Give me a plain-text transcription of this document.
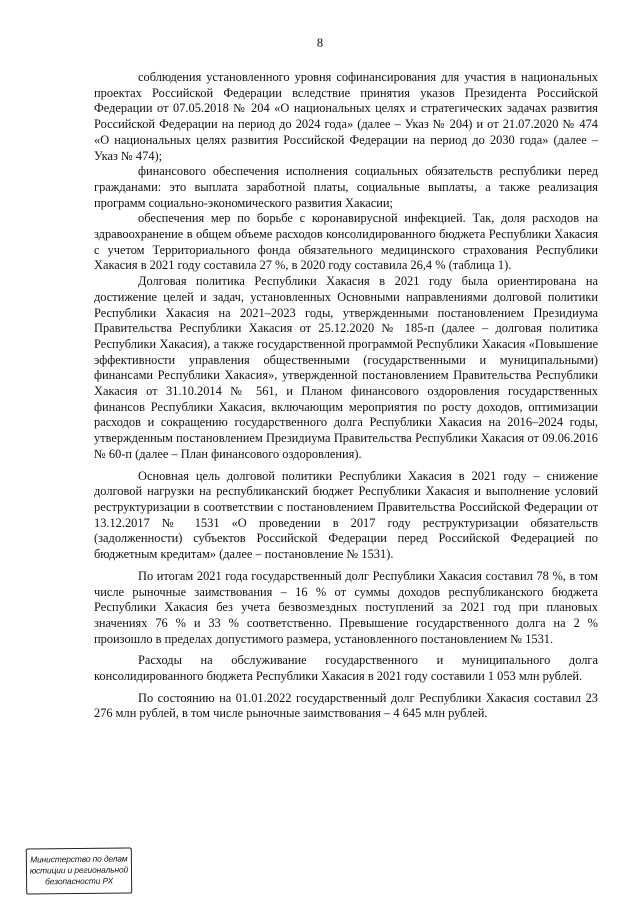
8

соблюдения установленного уровня софинансирования для участия в национальных проектах Российской Федерации вследствие принятия указов Президента Российской Федерации от 07.05.2018 № 204 «О национальных целях и стратегических задачах развития Российской Федерации на период до 2024 года» (далее – Указ № 204) и от 21.07.2020 № 474 «О национальных целях развития Российской Федерации на период до 2030 года» (далее – Указ № 474);

финансового обеспечения исполнения социальных обязательств республики перед гражданами: это выплата заработной платы, социальные выплаты, а также реализация программ социально-экономического развития Хакасии;

обеспечения мер по борьбе с коронавирусной инфекцией. Так, доля расходов на здравоохранение в общем объеме расходов консолидированного бюджета Республики Хакасия с учетом Территориального фонда обязательного медицинского страхования Республики Хакасия в 2021 году составила 27 %, в 2020 году составила 26,4 % (таблица 1).

Долговая политика Республики Хакасия в 2021 году была ориентирована на достижение целей и задач, установленных Основными направлениями долговой политики Республики Хакасия на 2021–2023 годы, утвержденными постановлением Президиума Правительства Республики Хакасия от 25.12.2020 № 185-п (далее – долговая политика Республики Хакасия), а также государственной программой Республики Хакасия «Повышение эффективности управления общественными (государственными и муниципальными) финансами Республики Хакасия», утвержденной постановлением Правительства Республики Хакасия от 31.10.2014 № 561, и Планом финансового оздоровления государственных финансов Республики Хакасия, включающим мероприятия по росту доходов, оптимизации расходов и сокращению государственного долга Республики Хакасия на 2016–2024 годы, утвержденным постановлением Президиума Правительства Республики Хакасия от 09.06.2016 № 60-п (далее – План финансового оздоровления).

Основная цель долговой политики Республики Хакасия в 2021 году – снижение долговой нагрузки на республиканский бюджет Республики Хакасия и выполнение условий реструктуризации в соответствии с постановлением Правительства Российской Федерации от 13.12.2017 № 1531 «О проведении в 2017 году реструктуризации обязательств (задолженности) субъектов Российской Федерации перед Российской Федерацией по бюджетным кредитам» (далее – постановление № 1531).

По итогам 2021 года государственный долг Республики Хакасия составил 78 %, в том числе рыночные заимствования – 16 % от суммы доходов республиканского бюджета Республики Хакасия без учета безвозмездных поступлений за 2021 год при плановых значениях 76 % и 33 % соответственно. Превышение государственного долга на 2 % произошло в пределах допустимого размера, установленного постановлением № 1531.

Расходы на обслуживание государственного и муниципального долга консолидированного бюджета Республики Хакасия в 2021 году составили 1 053 млн рублей.

По состоянию на 01.01.2022 государственный долг Республики Хакасия составил 23 276 млн рублей, в том числе рыночные заимствования – 4 645 млн рублей.

Министерство по делам
юстиции и региональной
безопасности РХ
